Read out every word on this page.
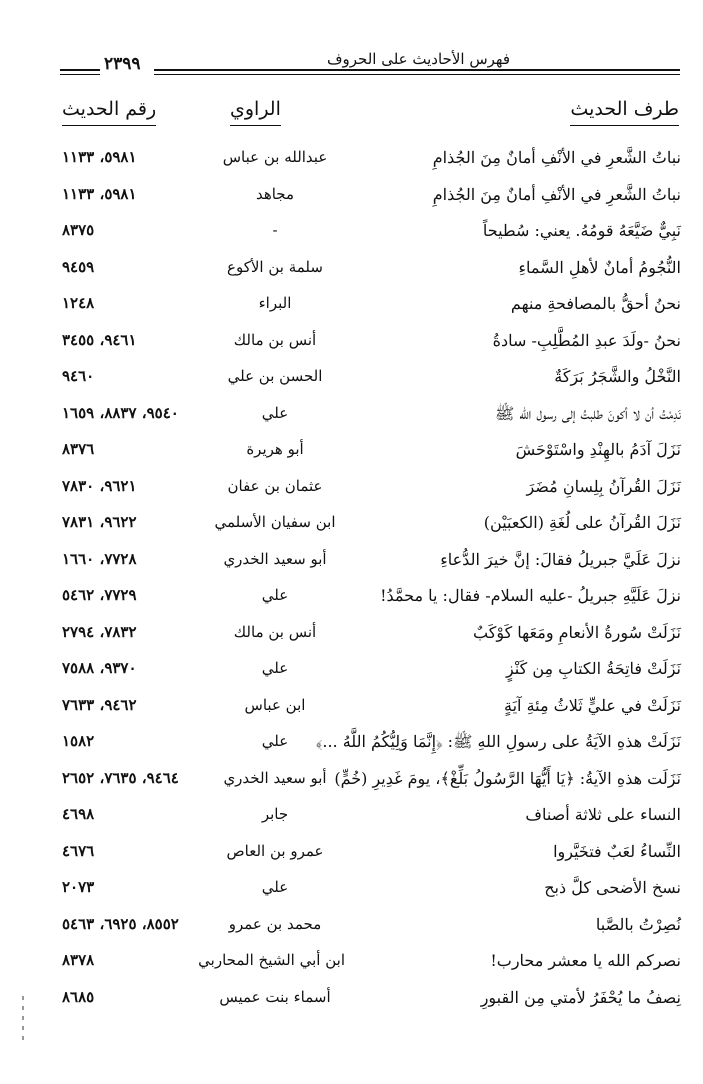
٢٣٩٩	فهرس الأحاديث على الحروف
طرف الحديث
الراوي
رقم الحديث
نباتُ الشَّعرِ في الأنْفِ أمانٌ مِنَ الجُذامِ
عبدالله بن عباس
٥٩٨١، ١١٣٣
نباتُ الشَّعرِ في الأنْفِ أمانٌ مِنَ الجُذامِ
مجاهد
٥٩٨١، ١١٣٣
نَبِيٌّ ضَيَّعَهُ قومُهُ. يعني: سُطيحاً
-
٨٣٧٥
النُّجُومُ أمانٌ لأهلِ السَّماءِ
سلمة بن الأكوع
٩٤٥٩
نحنُ أحقُّ بالمصافحةِ منهم
البراء
١٢٤٨
نحنُ -ولَدَ عبدِ المُطَّلِبِ- سادةُ
أنس بن مالك
٩٤٦١، ٣٤٥٥
النَّخْلُ والشَّجَرُ بَرَكَةٌ
الحسن بن علي
٩٤٦٠
نَدِمْتُ أن لا أكونَ طلبتُ إلى رسول الله ﷺ
علي
٩٥٤٠، ٨٨٣٧، ١٦٥٩
نَزَلَ آدَمُ بالهِنْدِ واسْتَوْحَشَ
أبو هريرة
٨٣٧٦
نَزَلَ القُرآنُ بِلِسانِ مُضَرَ
عثمان بن عفان
٩٦٢١، ٧٨٣٠
نَزَلَ القُرآنُ على لُغَةِ (الكعبَيْن)
ابن سفيان الأسلمي
٩٦٢٢، ٧٨٣١
نزلَ عَلَيَّ جبريلُ فقالَ: إنَّ خيرَ الدُّعاءِ
أبو سعيد الخدري
٧٧٢٨، ١٦٦٠
نزلَ عَلَيَّهِ جبريلُ -عليه السلام- فقال: يا محمَّدُ!
علي
٧٧٢٩، ٥٤٦٢
نَزَلَتْ سُورةُ الأنعامِ ومَعَها كَوْكَبٌ
أنس بن مالك
٧٨٣٢، ٢٧٩٤
نَزَلَتْ فاتِحَةُ الكتابِ مِن كَنْزٍ
علي
٩٣٧٠، ٧٥٨٨
نَزَلَتْ في عليٍّ ثَلاثُ مِئةِ آيَةٍ
ابن عباس
٩٤٦٢، ٧٦٣٣
نَزَلَتْ هذهِ الآيَةُ على رسولِ اللهِ ﷺ: ﴿إِنَّمَا وَلِيُّكُمُ اللَّهُ ...﴾
علي
١٥٨٢
نَزَلَت هذهِ الآيةُ: ﴿يَا أَيُّهَا الرَّسُولُ بَلِّغْ﴾، يومَ غَدِيرِ (خُمٍّ)
أبو سعيد الخدري
٩٤٦٤، ٧٦٣٥، ٢٦٥٢
النساء على ثلاثة أصناف
جابر
٤٦٩٨
النِّساءُ لعَبٌ فتخَيَّروا
عمرو بن العاص
٤٦٧٦
نسخ الأضحى كلَّ ذبح
علي
٢٠٧٣
نُصِرْتُ بالصَّبا
محمد بن عمرو
٨٥٥٢، ٦٩٢٥، ٥٤٦٣
نصركم الله يا معشر محارب!
ابن أبي الشيخ المحاربي
٨٣٧٨
نِصفُ ما يُحْفَرُ لأمتي مِن القبورِ
أسماء بنت عميس
٨٦٨٥
